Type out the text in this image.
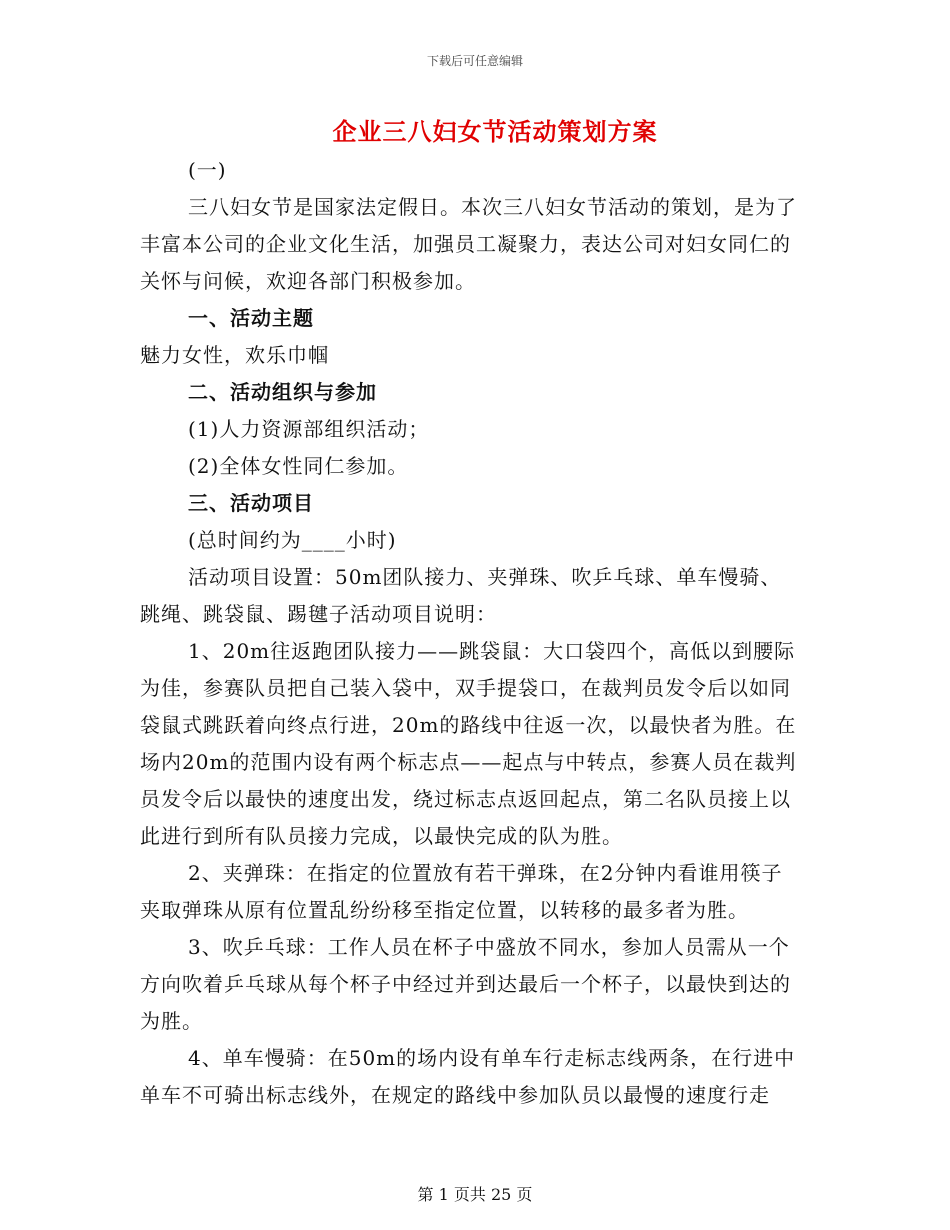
下载后可任意编辑
企业三八妇女节活动策划方案

(一)

三八妇女节是国家法定假日。本次三八妇女节活动的策划，是为了丰富本公司的企业文化生活，加强员工凝聚力，表达公司对妇女同仁的关怀与问候，欢迎各部门积极参加。

一、活动主题

魅力女性，欢乐巾帼

二、活动组织与参加

(1)人力资源部组织活动；

(2)全体女性同仁参加。

三、活动项目

(总时间约为____小时)

活动项目设置：50m团队接力、夹弹珠、吹乒乓球、单车慢骑、跳绳、跳袋鼠、踢毽子活动项目说明：

1、20m往返跑团队接力——跳袋鼠：大口袋四个，高低以到腰际为佳，参赛队员把自己装入袋中，双手提袋口，在裁判员发令后以如同袋鼠式跳跃着向终点行进，20m的路线中往返一次，以最快者为胜。在场内20m的范围内设有两个标志点——起点与中转点，参赛人员在裁判员发令后以最快的速度出发，绕过标志点返回起点，第二名队员接上以此进行到所有队员接力完成，以最快完成的队为胜。

2、夹弹珠：在指定的位置放有若干弹珠，在2分钟内看谁用筷子夹取弹珠从原有位置乱纷纷移至指定位置，以转移的最多者为胜。

3、吹乒乓球：工作人员在杯子中盛放不同水，参加人员需从一个方向吹着乒乓球从每个杯子中经过并到达最后一个杯子，以最快到达的为胜。

4、单车慢骑：在50m的场内设有单车行走标志线两条，在行进中单车不可骑出标志线外，在规定的路线中参加队员以最慢的速度行走

第 1 页共 25 页
